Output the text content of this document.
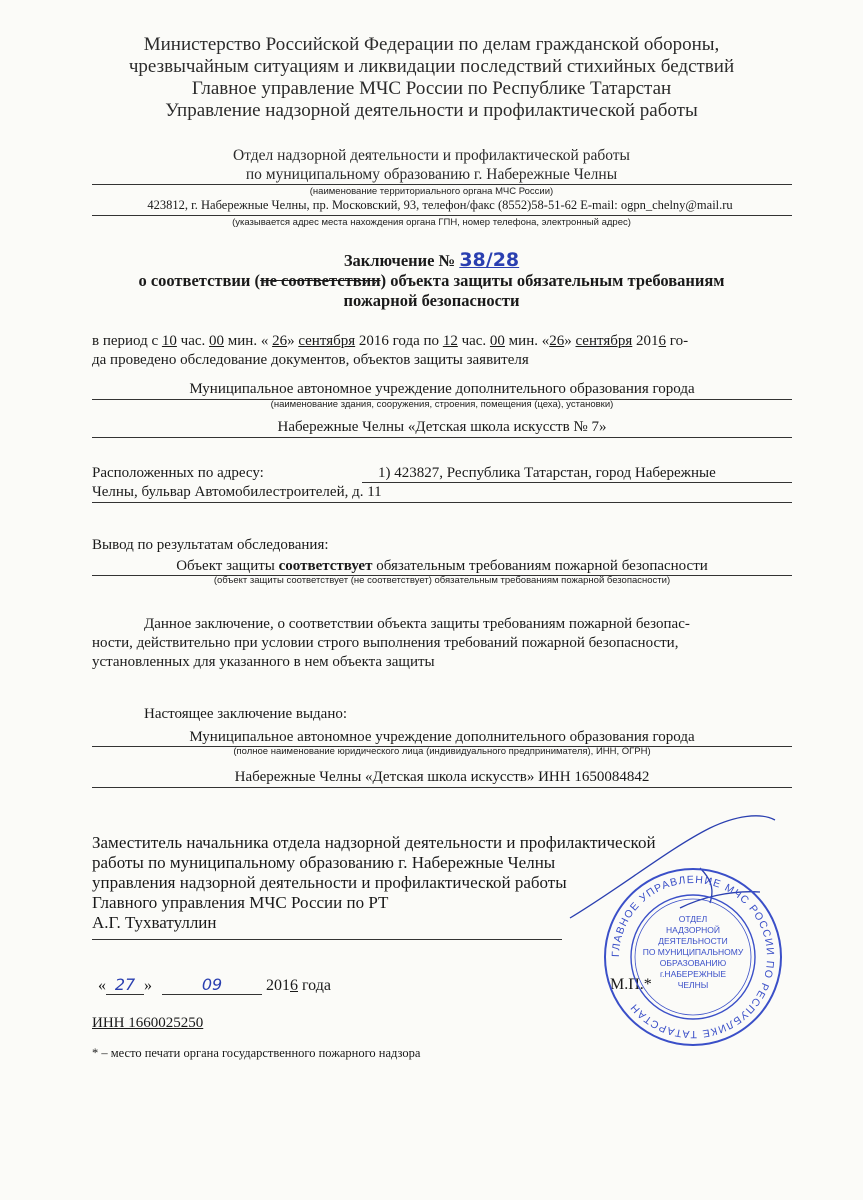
Министерство Российской Федерации по делам гражданской обороны,
чрезвычайным ситуациям и ликвидации последствий стихийных бедствий
Главное управление МЧС России по Республике Татарстан
Управление надзорной деятельности и профилактической работы
Отдел надзорной деятельности и профилактической работы
по муниципальному образованию г. Набережные Челны
(наименование территориального органа МЧС России)
423812, г. Набережные Челны, пр. Московский, 93, телефон/факс (8552)58-51-62 E-mail: ogpn_chelny@mail.ru
(указывается адрес места нахождения органа ГПН, номер телефона, электронный адрес)
Заключение № 38/28
о соответствии (не соответствии) объекта защиты обязательным требованиям
пожарной безопасности
в период с 10 час. 00 мин. « 26» сентября 2016 года по 12 час. 00 мин. «26» сентября 2016 го-
да проведено обследование документов, объектов защиты заявителя
Муниципальное автономное учреждение дополнительного образования города
(наименование здания, сооружения, строения, помещения (цеха), установки)
Набережные Челны «Детская школа искусств № 7»
Расположенных по адресу:	1) 423827, Республика Татарстан, город Набережные
Челны, бульвар Автомобилестроителей, д. 11
Вывод по результатам обследования:
Объект защиты соответствует обязательным требованиям пожарной безопасности
(объект защиты соответствует (не соответствует) обязательным требованиям пожарной безопасности)
Данное заключение, о соответствии объекта защиты требованиям пожарной безопас-
ности, действительно при условии строго выполнения требований пожарной безопасности,
установленных для указанного в нем объекта защиты
Настоящее заключение выдано:
Муниципальное автономное учреждение дополнительного образования города
(полное наименование юридического лица (индивидуального предпринимателя), ИНН, ОГРН)
Набережные Челны «Детская школа искусств» ИНН 1650084842
Заместитель начальника отдела надзорной деятельности и профилактической
работы по муниципальному образованию г. Набережные Челны
управления надзорной деятельности и профилактической работы
Главного управления МЧС России по РТ
А.Г. Тухватуллин
« 27 »	09	2016 года	М.П.*
ИНН 1660025250
* – место печати органа государственного пожарного надзора
ГЛАВНОЕ УПРАВЛЕНИЕ МЧС РОССИИ ПО РЕСПУБЛИКЕ ТАТАРСТАН
ОТДЕЛ
НАДЗОРНОЙ
ДЕЯТЕЛЬНОСТИ
ПО МУНИЦИПАЛЬНОМУ
ОБРАЗОВАНИЮ
г.НАБЕРЕЖНЫЕ
ЧЕЛНЫ
